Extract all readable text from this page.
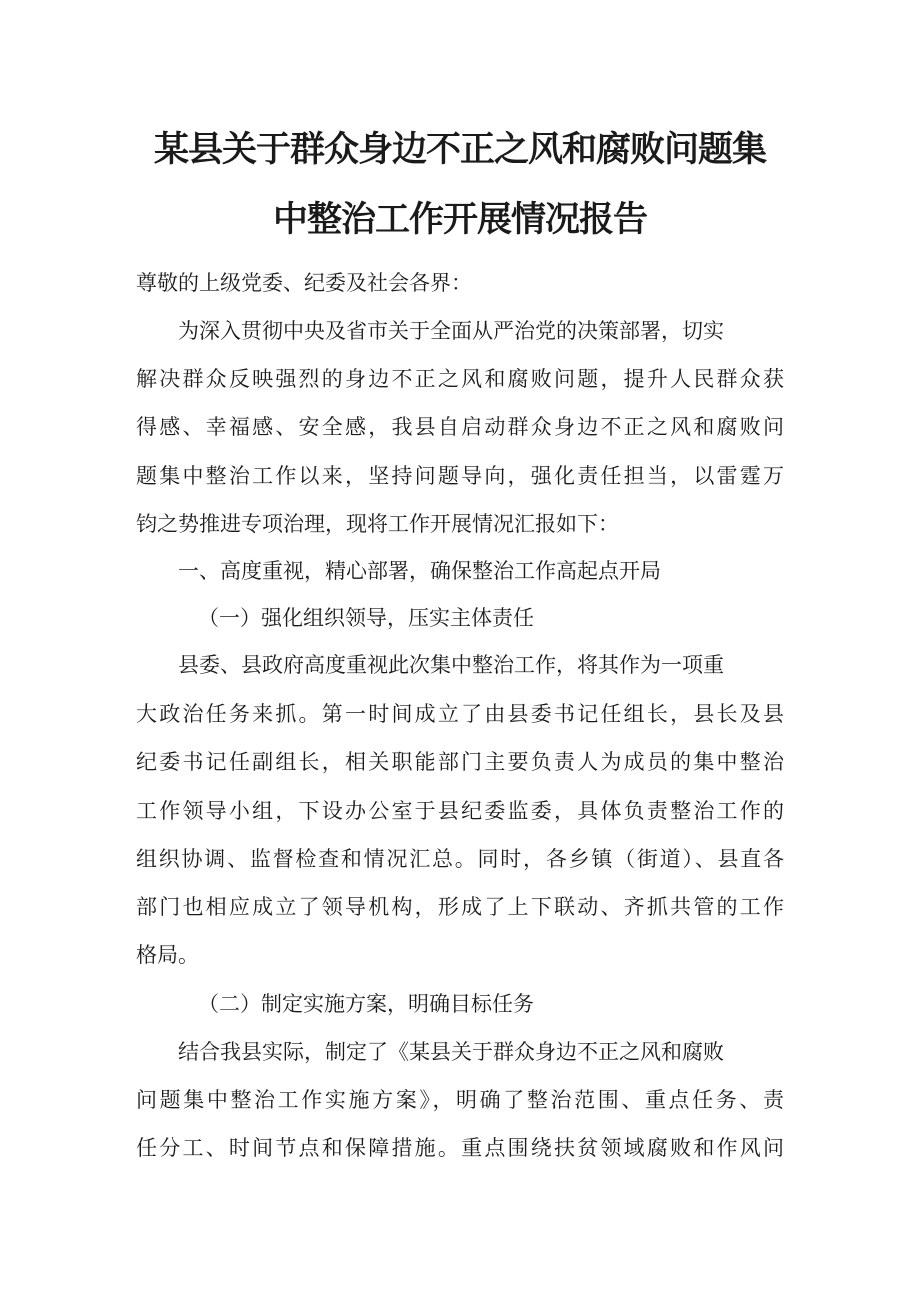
某县关于群众身边不正之风和腐败问题集
中整治工作开展情况报告

尊敬的上级党委、纪委及社会各界：

为深入贯彻中央及省市关于全面从严治党的决策部署，切实

解决群众反映强烈的身边不正之风和腐败问题，提升人民群众获

得感、幸福感、安全感，我县自启动群众身边不正之风和腐败问

题集中整治工作以来，坚持问题导向，强化责任担当，以雷霆万

钧之势推进专项治理，现将工作开展情况汇报如下：

一、高度重视，精心部署，确保整治工作高起点开局

（一）强化组织领导，压实主体责任

县委、县政府高度重视此次集中整治工作，将其作为一项重

大政治任务来抓。第一时间成立了由县委书记任组长，县长及县

纪委书记任副组长，相关职能部门主要负责人为成员的集中整治

工作领导小组，下设办公室于县纪委监委，具体负责整治工作的

组织协调、监督检查和情况汇总。同时，各乡镇（街道）、县直各

部门也相应成立了领导机构，形成了上下联动、齐抓共管的工作

格局。

（二）制定实施方案，明确目标任务

结合我县实际，制定了《某县关于群众身边不正之风和腐败

问题集中整治工作实施方案》，明确了整治范围、重点任务、责

任分工、时间节点和保障措施。重点围绕扶贫领域腐败和作风问
